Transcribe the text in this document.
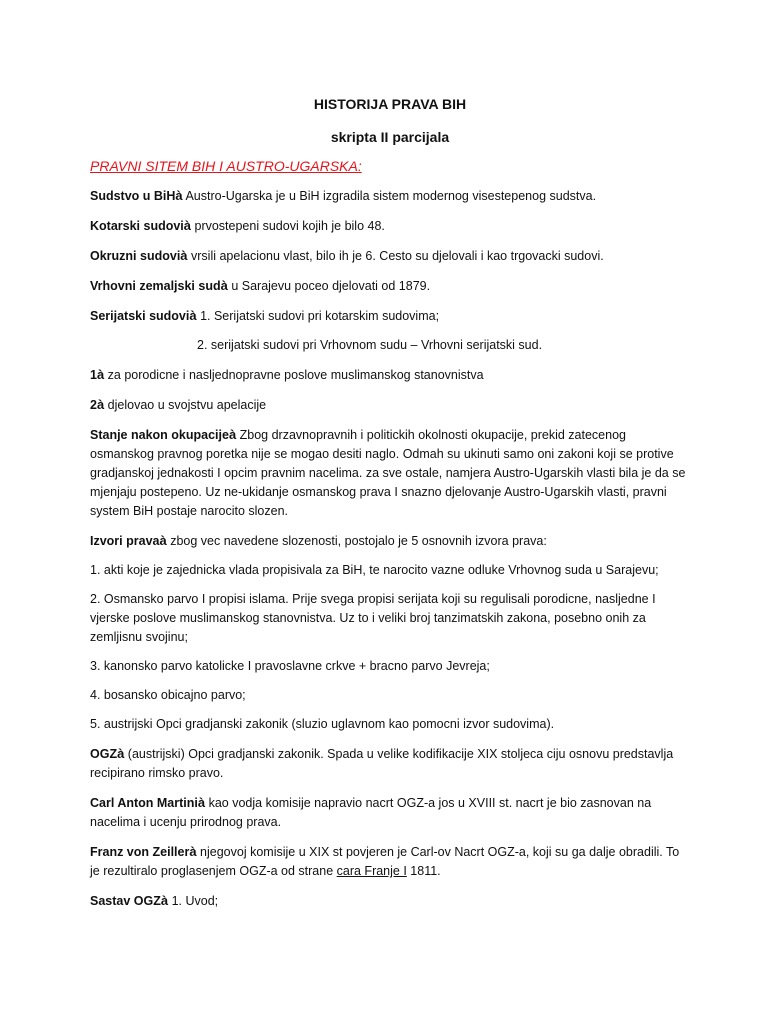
HISTORIJA PRAVA BIH
skripta II parcijala
PRAVNI SITEM BIH I AUSTRO-UGARSKA:

Sudstvo u BiHà Austro-Ugarska je u BiH izgradila sistem modernog visestepenog sudstva.

Kotarski sudovià prvostepeni sudovi kojih je bilo 48.

Okruzni sudovià vrsili apelacionu vlast, bilo ih je 6. Cesto su djelovali i kao trgovacki sudovi.

Vrhovni zemaljski sudà u Sarajevu poceo djelovati od 1879.

Serijatski sudovià 1. Serijatski sudovi pri kotarskim sudovima;

2. serijatski sudovi pri Vrhovnom sudu – Vrhovni serijatski sud.

1à za porodicne i nasljednopravne poslove muslimanskog stanovnistva

2à djelovao u svojstvu apelacije

Stanje nakon okupacijeà Zbog drzavnopravnih i politickih okolnosti okupacije, prekid zatecenog osmanskog pravnog poretka nije se mogao desiti naglo. Odmah su ukinuti samo oni zakoni koji se protive gradjanskoj jednakosti I opcim pravnim nacelima. za sve ostale, namjera Austro-Ugarskih vlasti bila je da se mjenjaju postepeno. Uz ne-ukidanje osmanskog prava I snazno djelovanje Austro-Ugarskih vlasti, pravni system BiH postaje narocito slozen.

Izvori pravaà zbog vec navedene slozenosti, postojalo je 5 osnovnih izvora prava:

1. akti koje je zajednicka vlada propisivala za BiH, te narocito vazne odluke Vrhovnog suda u Sarajevu;

2. Osmansko parvo I propisi islama. Prije svega propisi serijata koji su regulisali porodicne, nasljedne I vjerske poslove muslimanskog stanovnistva. Uz to i veliki broj tanzimatskih zakona, posebno onih za zemljisnu svojinu;

3. kanonsko parvo katolicke I pravoslavne crkve + bracno parvo Jevreja;

4. bosansko obicajno parvo;

5. austrijski Opci gradjanski zakonik (sluzio uglavnom kao pomocni izvor sudovima).

OGZà (austrijski) Opci gradjanski zakonik. Spada u velike kodifikacije XIX stoljeca ciju osnovu predstavlja recipirano rimsko pravo.

Carl Anton Martinià kao vodja komisije napravio nacrt OGZ-a jos u XVIII st. nacrt je bio zasnovan na nacelima i ucenju prirodnog prava.

Franz von Zeillerà njegovoj komisije u XIX st povjeren je Carl-ov Nacrt OGZ-a, koji su ga dalje obradili. To je rezultiralo proglasenjem OGZ-a od strane cara Franje I 1811.

Sastav OGZà 1. Uvod;
